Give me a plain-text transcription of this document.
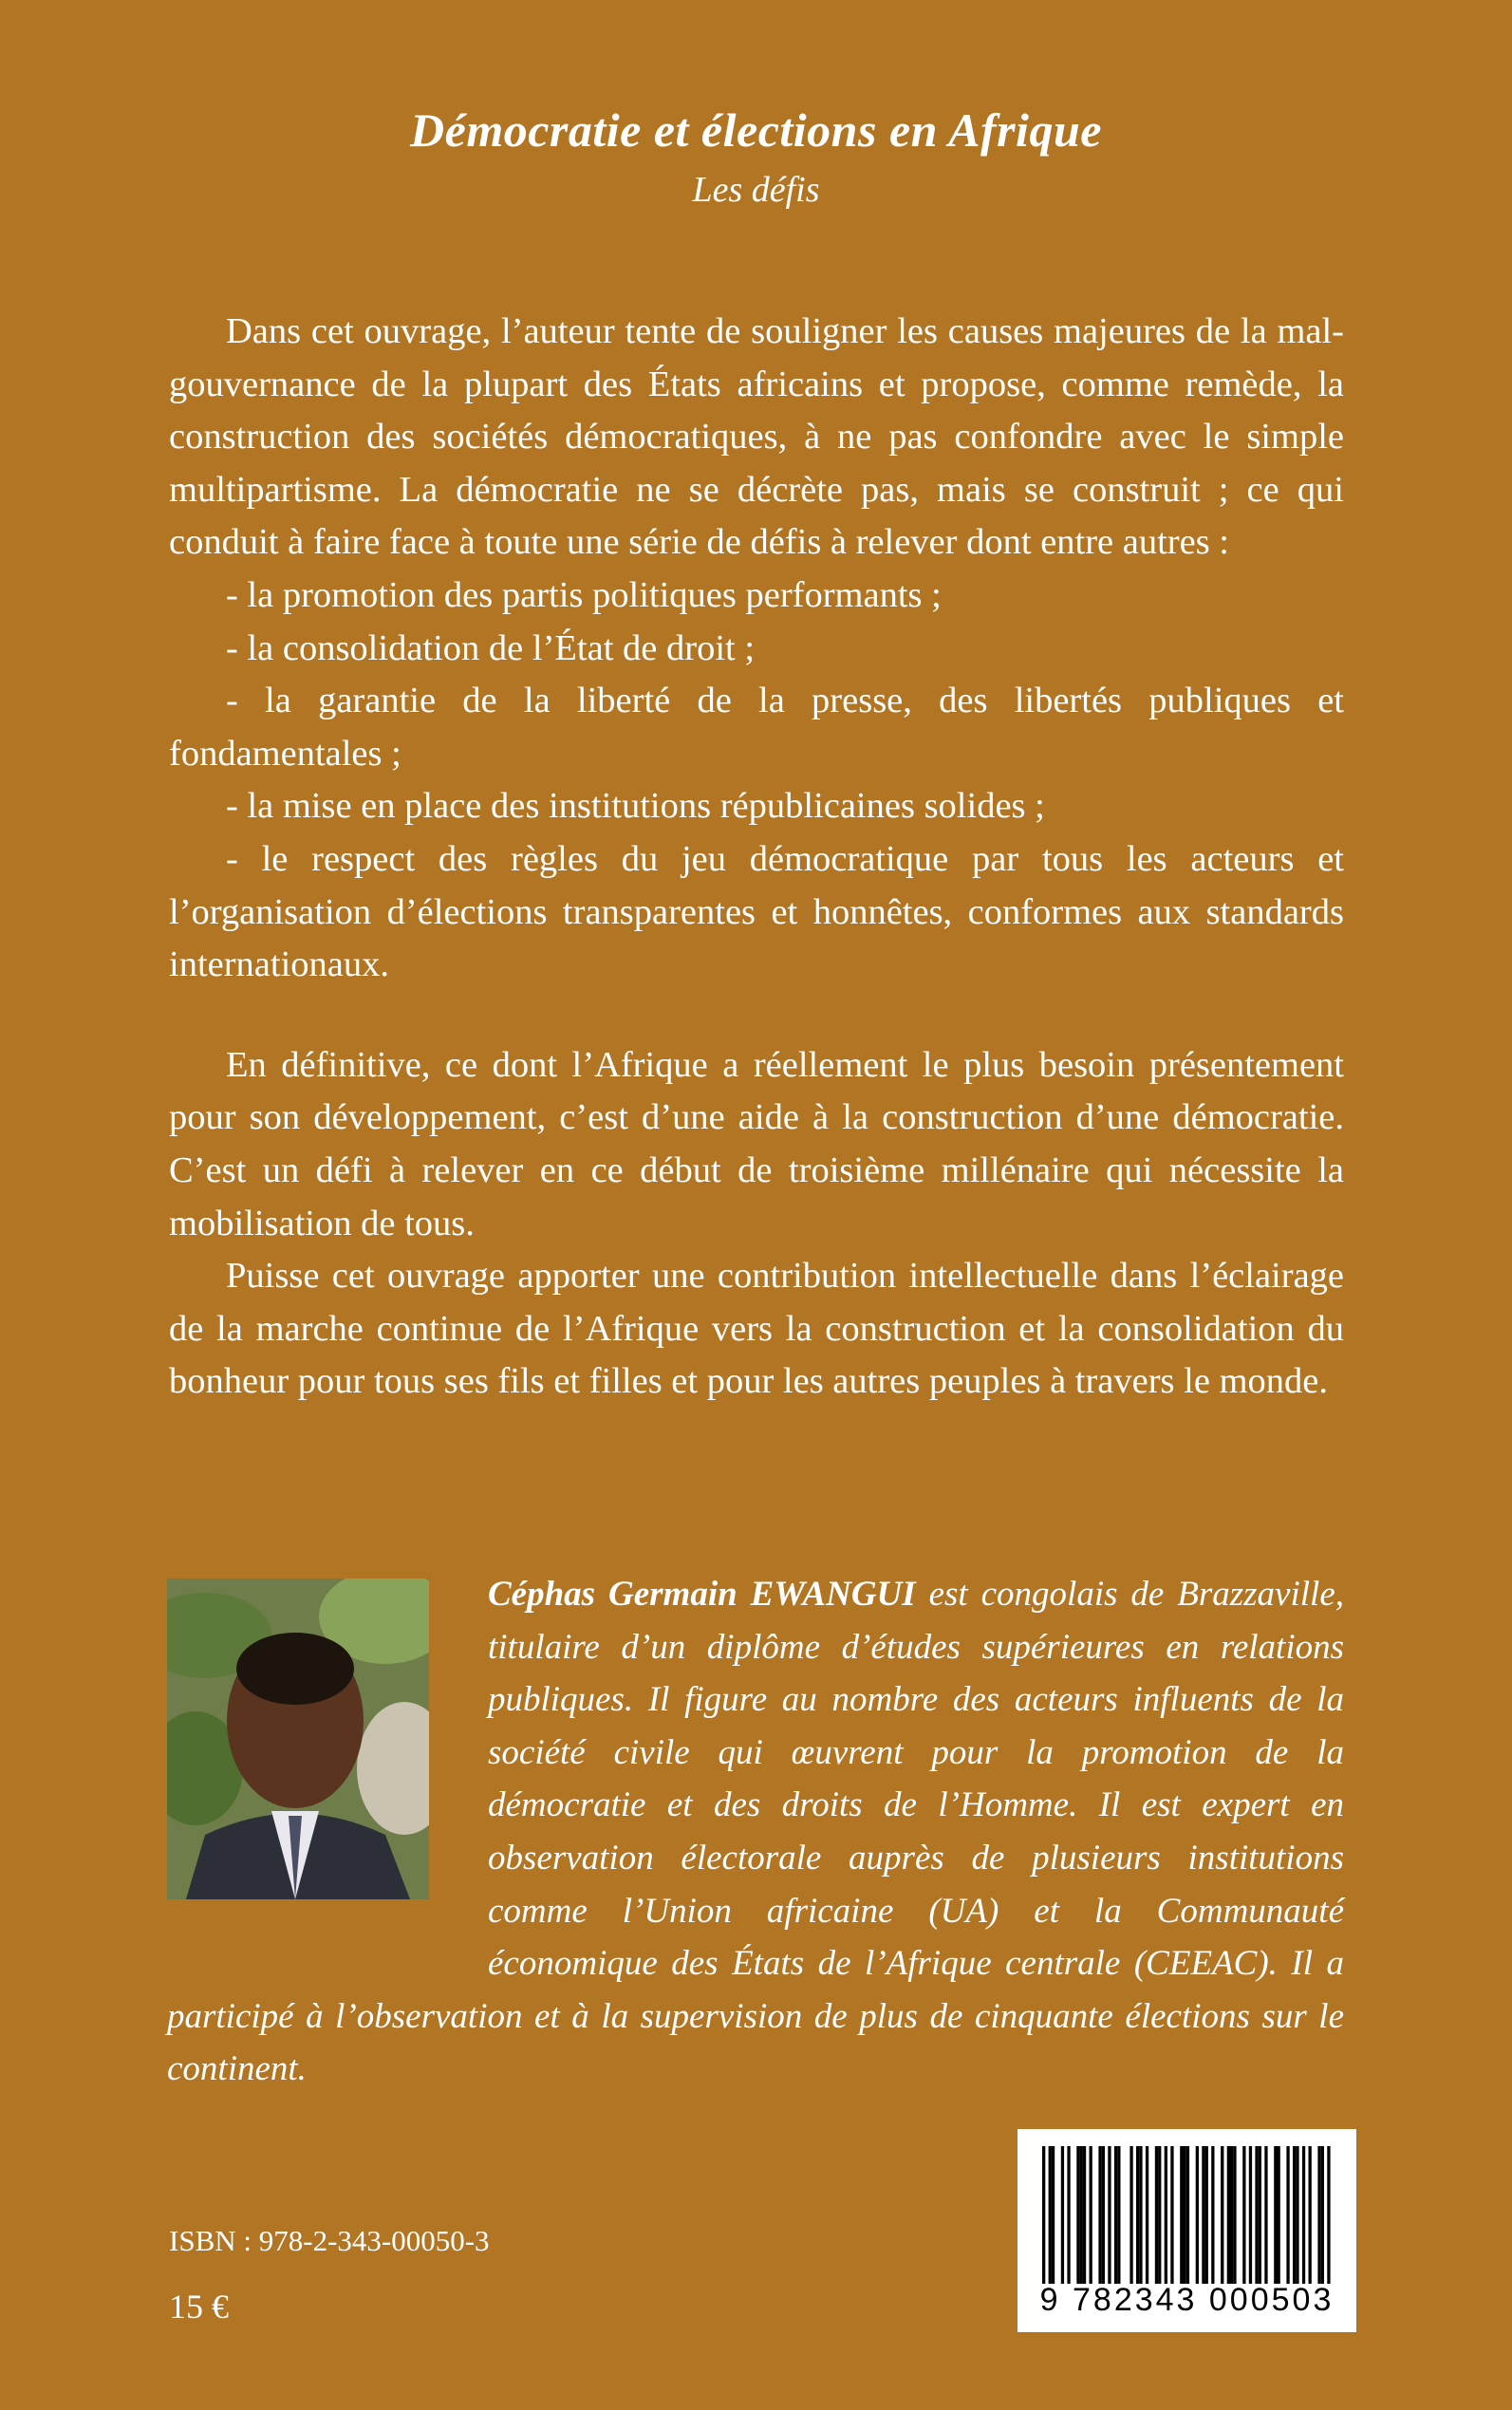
Démocratie et élections en Afrique
Les défis

Dans cet ouvrage, l’auteur tente de souligner les causes majeures de la mal-gouvernance de la plupart des États africains et propose, comme remède, la construction des sociétés démocratiques, à ne pas confondre avec le simple multipartisme. La démocratie ne se décrète pas, mais se construit ; ce qui conduit à faire face à toute une série de défis à relever dont entre autres :

- la promotion des partis politiques performants ;

- la consolidation de l’État de droit ;

- la garantie de la liberté de la presse, des libertés publiques et fondamentales ;

- la mise en place des institutions républicaines solides ;

- le respect des règles du jeu démocratique par tous les acteurs et l’organisation d’élections transparentes et honnêtes, conformes aux standards internationaux.

En définitive, ce dont l’Afrique a réellement le plus besoin présentement pour son développement, c’est d’une aide à la construction d’une démocratie. C’est un défi à relever en ce début de troisième millénaire qui nécessite la mobilisation de tous.

Puisse cet ouvrage apporter une contribution intellectuelle dans l’éclairage de la marche continue de l’Afrique vers la construction et la consolidation du bonheur pour tous ses fils et filles et pour les autres peuples à travers le monde.

Céphas Germain EWANGUI est congolais de Brazzaville, titulaire d’un diplôme d’études supérieures en relations publiques. Il figure au nombre des acteurs influents de la société civile qui œuvrent pour la promotion de la démocratie et des droits de l’Homme. Il est expert en observation électorale auprès de plusieurs institutions comme l’Union africaine (UA) et la Communauté économique des États de l’Afrique centrale (CEEAC). Il a participé à l’observation et à la supervision de plus de cinquante élections sur le continent.
ISBN : 978-2-343-00050-3
15 €	9 782343 000503
